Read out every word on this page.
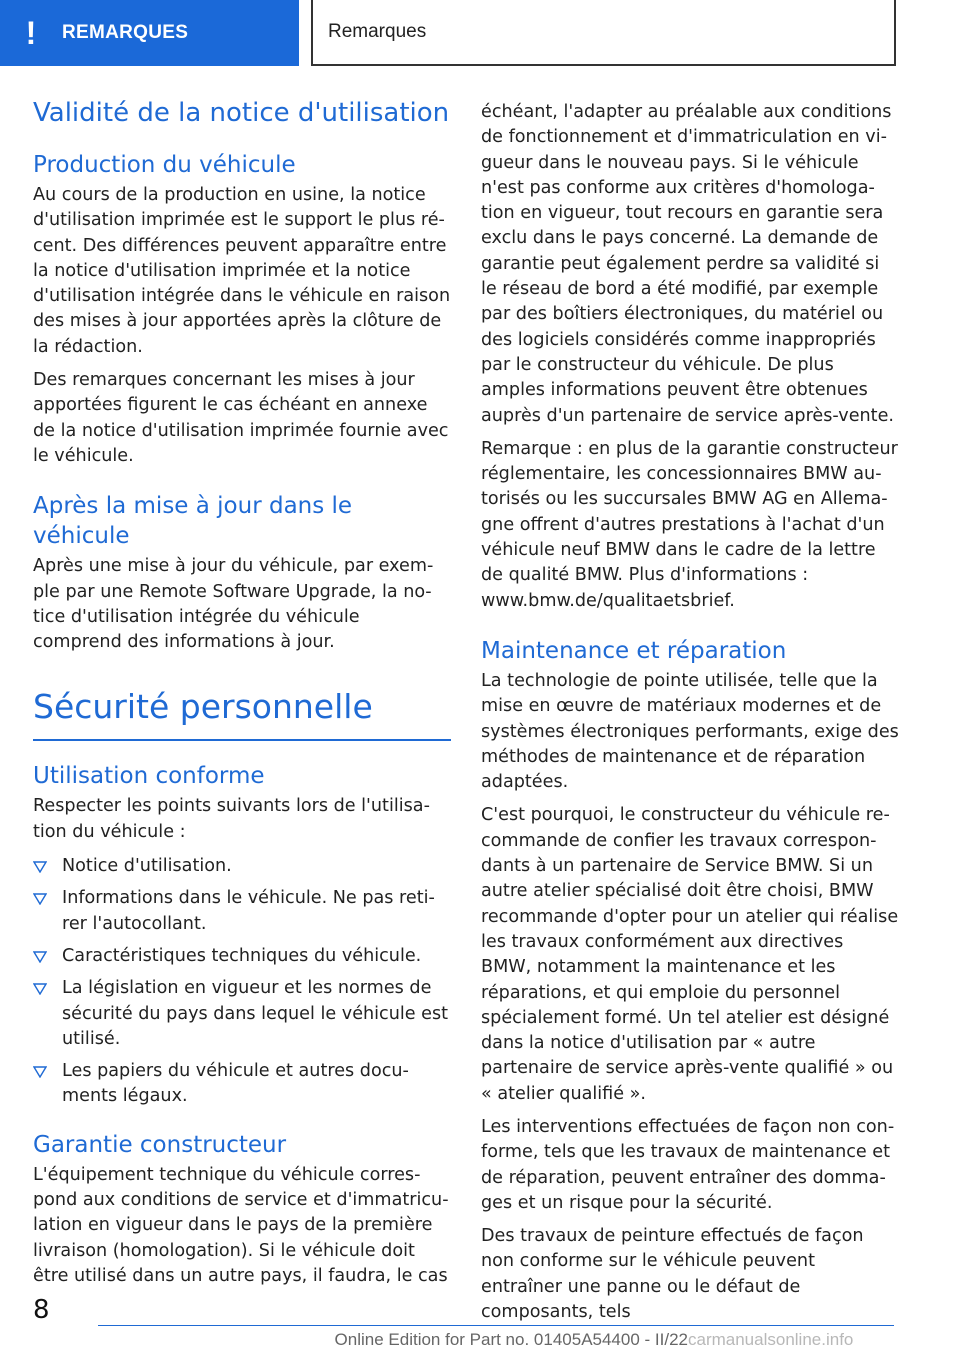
!	REMARQUES	Remarques
Validité de la notice d'utilisation
Production du véhicule

Au cours de la production en usine, la notice d'utilisation imprimée est le support le plus récent. Des différences peuvent apparaître entre la notice d'utilisation imprimée et la notice d'utilisation intégrée dans le véhicule en raison des mises à jour apportées après la clôture de la rédaction.

Des remarques concernant les mises à jour apportées figurent le cas échéant en annexe de la notice d'utilisation imprimée fournie avec le véhicule.

Après la mise à jour dans le véhicule

Après une mise à jour du véhicule, par exemple par une Remote Software Upgrade, la notice d'utilisation intégrée du véhicule comprend des informations à jour.

Sécurité personnelle
Utilisation conforme

Respecter les points suivants lors de l'utilisation du véhicule :

Notice d'utilisation.
Informations dans le véhicule. Ne pas retirer l'autocollant.
Caractéristiques techniques du véhicule.
La législation en vigueur et les normes de sécurité du pays dans lequel le véhicule est utilisé.
Les papiers du véhicule et autres documents légaux.
Garantie constructeur

L'équipement technique du véhicule correspond aux conditions de service et d'immatriculation en vigueur dans le pays de la première livraison (homologation). Si le véhicule doit être utilisé dans un autre pays, il faudra, le cas

échéant, l'adapter au préalable aux conditions de fonctionnement et d'immatriculation en vigueur dans le nouveau pays. Si le véhicule n'est pas conforme aux critères d'homologation en vigueur, tout recours en garantie sera exclu dans le pays concerné. La demande de garantie peut également perdre sa validité si le réseau de bord a été modifié, par exemple par des boîtiers électroniques, du matériel ou des logiciels considérés comme inappropriés par le constructeur du véhicule. De plus amples informations peuvent être obtenues auprès d'un partenaire de service après-vente.

Remarque : en plus de la garantie constructeur réglementaire, les concessionnaires BMW autorisés ou les succursales BMW AG en Allemagne offrent d'autres prestations à l'achat d'un véhicule neuf BMW dans le cadre de la lettre de qualité BMW. Plus d'informations : www.bmw.de/qualitaetsbrief.

Maintenance et réparation

La technologie de pointe utilisée, telle que la mise en œuvre de matériaux modernes et de systèmes électroniques performants, exige des méthodes de maintenance et de réparation adaptées.

C'est pourquoi, le constructeur du véhicule recommande de confier les travaux correspondants à un partenaire de Service BMW. Si un autre atelier spécialisé doit être choisi, BMW recommande d'opter pour un atelier qui réalise les travaux conformément aux directives BMW, notamment la maintenance et les réparations, et qui emploie du personnel spécialement formé. Un tel atelier est désigné dans la notice d'utilisation par « autre partenaire de service après-vente qualifié » ou « atelier qualifié ».

Les interventions effectuées de façon non conforme, tels que les travaux de maintenance et de réparation, peuvent entraîner des dommages et un risque pour la sécurité.

Des travaux de peinture effectués de façon non conforme sur le véhicule peuvent entraîner une panne ou le défaut de composants, tels

8
Online Edition for Part no. 01405A54400 - II/22 carmanualsonline.info
